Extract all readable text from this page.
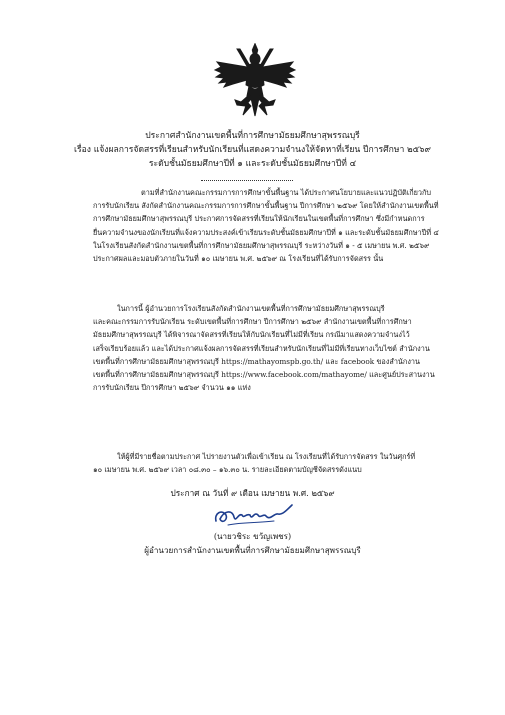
ประกาศสำนักงานเขตพื้นที่การศึกษามัธยมศึกษาสุพรรณบุรี
เรื่อง แจ้งผลการจัดสรรที่เรียนสำหรับนักเรียนที่แสดงความจำนงให้จัดหาที่เรียน ปีการศึกษา ๒๕๖๙
ระดับชั้นมัธยมศึกษาปีที่ ๑ และระดับชั้นมัธยมศึกษาปีที่ ๔
ตามที่สำนักงานคณะกรรมการการศึกษาขั้นพื้นฐาน ได้ประกาศนโยบายและแนวปฏิบัติเกี่ยวกับ
การรับนักเรียน สังกัดสำนักงานคณะกรรมการการศึกษาขั้นพื้นฐาน ปีการศึกษา ๒๕๖๙ โดยให้สำนักงานเขตพื้นที่
การศึกษามัธยมศึกษาสุพรรณบุรี ประกาศการจัดสรรที่เรียนให้นักเรียนในเขตพื้นที่การศึกษา ซึ่งมีกำหนดการ
ยื่นความจำนงของนักเรียนที่แจ้งความประสงค์เข้าเรียนระดับชั้นมัธยมศึกษาปีที่ ๑ และระดับชั้นมัธยมศึกษาปีที่ ๔
ในโรงเรียนสังกัดสำนักงานเขตพื้นที่การศึกษามัธยมศึกษาสุพรรณบุรี ระหว่างวันที่ ๑ - ๕ เมษายน พ.ศ. ๒๕๖๙
ประกาศผลและมอบตัวภายในวันที่ ๑๐ เมษายน พ.ศ. ๒๕๖๙ ณ โรงเรียนที่ได้รับการจัดสรร นั้น
ในการนี้ ผู้อำนวยการโรงเรียนสังกัดสำนักงานเขตพื้นที่การศึกษามัธยมศึกษาสุพรรณบุรี
และคณะกรรมการรับนักเรียน ระดับเขตพื้นที่การศึกษา ปีการศึกษา ๒๕๖๙ สำนักงานเขตพื้นที่การศึกษา
มัธยมศึกษาสุพรรณบุรี ได้พิจารณาจัดสรรที่เรียนให้กับนักเรียนที่ไม่มีที่เรียน กรณีมาแสดงความจำนงไว้
เสร็จเรียบร้อยแล้ว และได้ประกาศแจ้งผลการจัดสรรที่เรียนสำหรับนักเรียนที่ไม่มีที่เรียนทางเว็บไซต์ สำนักงาน
เขตพื้นที่การศึกษามัธยมศึกษาสุพรรณบุรี https://mathayomspb.go.th/ และ facebook ของสำนักงาน
เขตพื้นที่การศึกษามัธยมศึกษาสุพรรณบุรี https://www.facebook.com/mathayome/ และศูนย์ประสานงาน
การรับนักเรียน ปีการศึกษา ๒๕๖๙ จำนวน ๑๑ แห่ง
ให้ผู้ที่มีรายชื่อตามประกาศ ไปรายงานตัวเพื่อเข้าเรียน ณ โรงเรียนที่ได้รับการจัดสรร ในวันศุกร์ที่
๑๐ เมษายน พ.ศ. ๒๕๖๙ เวลา ๐๘.๓๐ – ๑๖.๓๐ น. รายละเอียดตามบัญชีจัดสรรดังแนบ
ประกาศ ณ วันที่ ๙ เดือน เมษายน พ.ศ. ๒๕๖๙
(นายวชิระ ขวัญเพชร)
ผู้อำนวยการสำนักงานเขตพื้นที่การศึกษามัธยมศึกษาสุพรรณบุรี
